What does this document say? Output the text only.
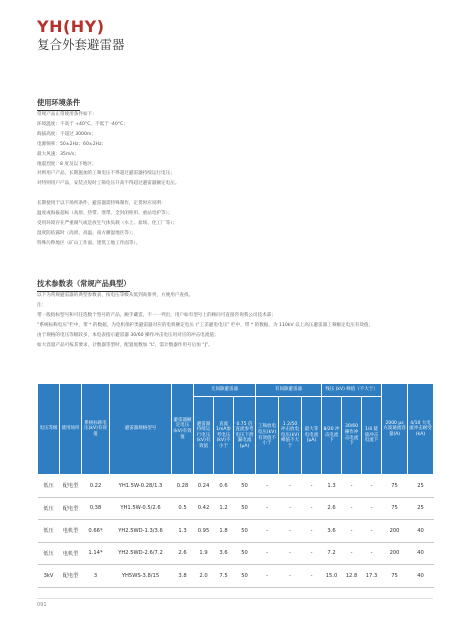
YH(HY)
复合外套避雷器
使用环境条件
常规产品正常使用条件如下：
环境温度：不高于 +40°C，不低于 -40°C；
海拔高度：不超过 3000m；
电源频率：50±2Hz；60±2Hz；
最大风速：35m/s；
地震烈度：8 度及以下地区；
对则用户产品，长期施加的工频电压不得超过避雷器持续运行电压；
对特则用户产品，安装点短时工频电压升高不得超过避雷器额定电压。
长期使用于以下场所条件，避雷器需特殊制作，定货时应说明：
温度或海拔超标（高原、热带、寒带、全封闭柜用、重站电护等）；
受用环境存在严重腐气或是放生气体负载（水上、盐场、化工厂等）；
湿度防结露时（高原、高温、南方潮湿地区等）；
特殊污秽地区（矿山工作面、建筑工地工作面等）。
技术参数表（常规产品典型）
以下为常规避雷器的典型参数表，按电压等级从低到高排列，方便用户查找。
注：
带一般指标型号和可任选数个型号的产品，额手藏造，不一一列出，用户如有型号上的顾问可直接咨询我公司技术部；
“系统标称电压”栏中，带 * 的数据，为电机保护类避雷器对应的电机额定电压 (“工差避电电压” 栏中，带 * 的数据，为 110kV 以上高压避雷器工频额定电压有效值；
由于规格的电压等级较多，本电表指示避雷器 30/60 操作冲击电压用对应的冲击电流值；
如大容量产品可按其要求，计数器等型时，配置尾数加 “L”，需计数器作用号后加 “J”。
电压等级	使用场所	系统标称电压(kV)有效值	避雷器规格型号	避雷器额定电压(kV)有效值	无间隙避雷器			有间隙避雷器			残压 (kV) 峰值（不大于）			2000 μs 方波通流容量(A)	4/10 大电流冲击耐受(kA)
					避雷器持续运行电压(kV)有效值	直流1mA参考电压(kV)不小于	0.75 倍直流参考电压下泄漏电流(μA)	工频放电电压(kV)有效值不小于	1.2/50 冲击放电电压(kV)峰值不大于	最大等电电流(μA)	8/20 冲击电流下	30/60 操作冲击电流下	1/4 陡波冲击电流下		
低压	配电型	0.22	YH1.5W-0.28/1.3	0.28	0.24	0.6	50	-	-	-	1.3	-	-	75	25
低压	配电型	0.38	YH1.5W-0.5/2.6	0.5	0.42	1.2	50	-	-	-	2.6	-	-	75	25
低压	电机型	0.66*	YH2.5WD-1.3/3.6	1.3	0.95	1.8	50	-	-	-	3.6	-	-	200	40
低压	电机型	1.14*	YH2.5WD-2.6/7.2	2.6	1.9	3.6	50	-	-	-	7.2	-	-	200	40
3kV	配电型	3	YH5WS-3.8/15	3.8	2.0	7.5	50	-	-	-	15.0	12.8	17.3	75	40
091
